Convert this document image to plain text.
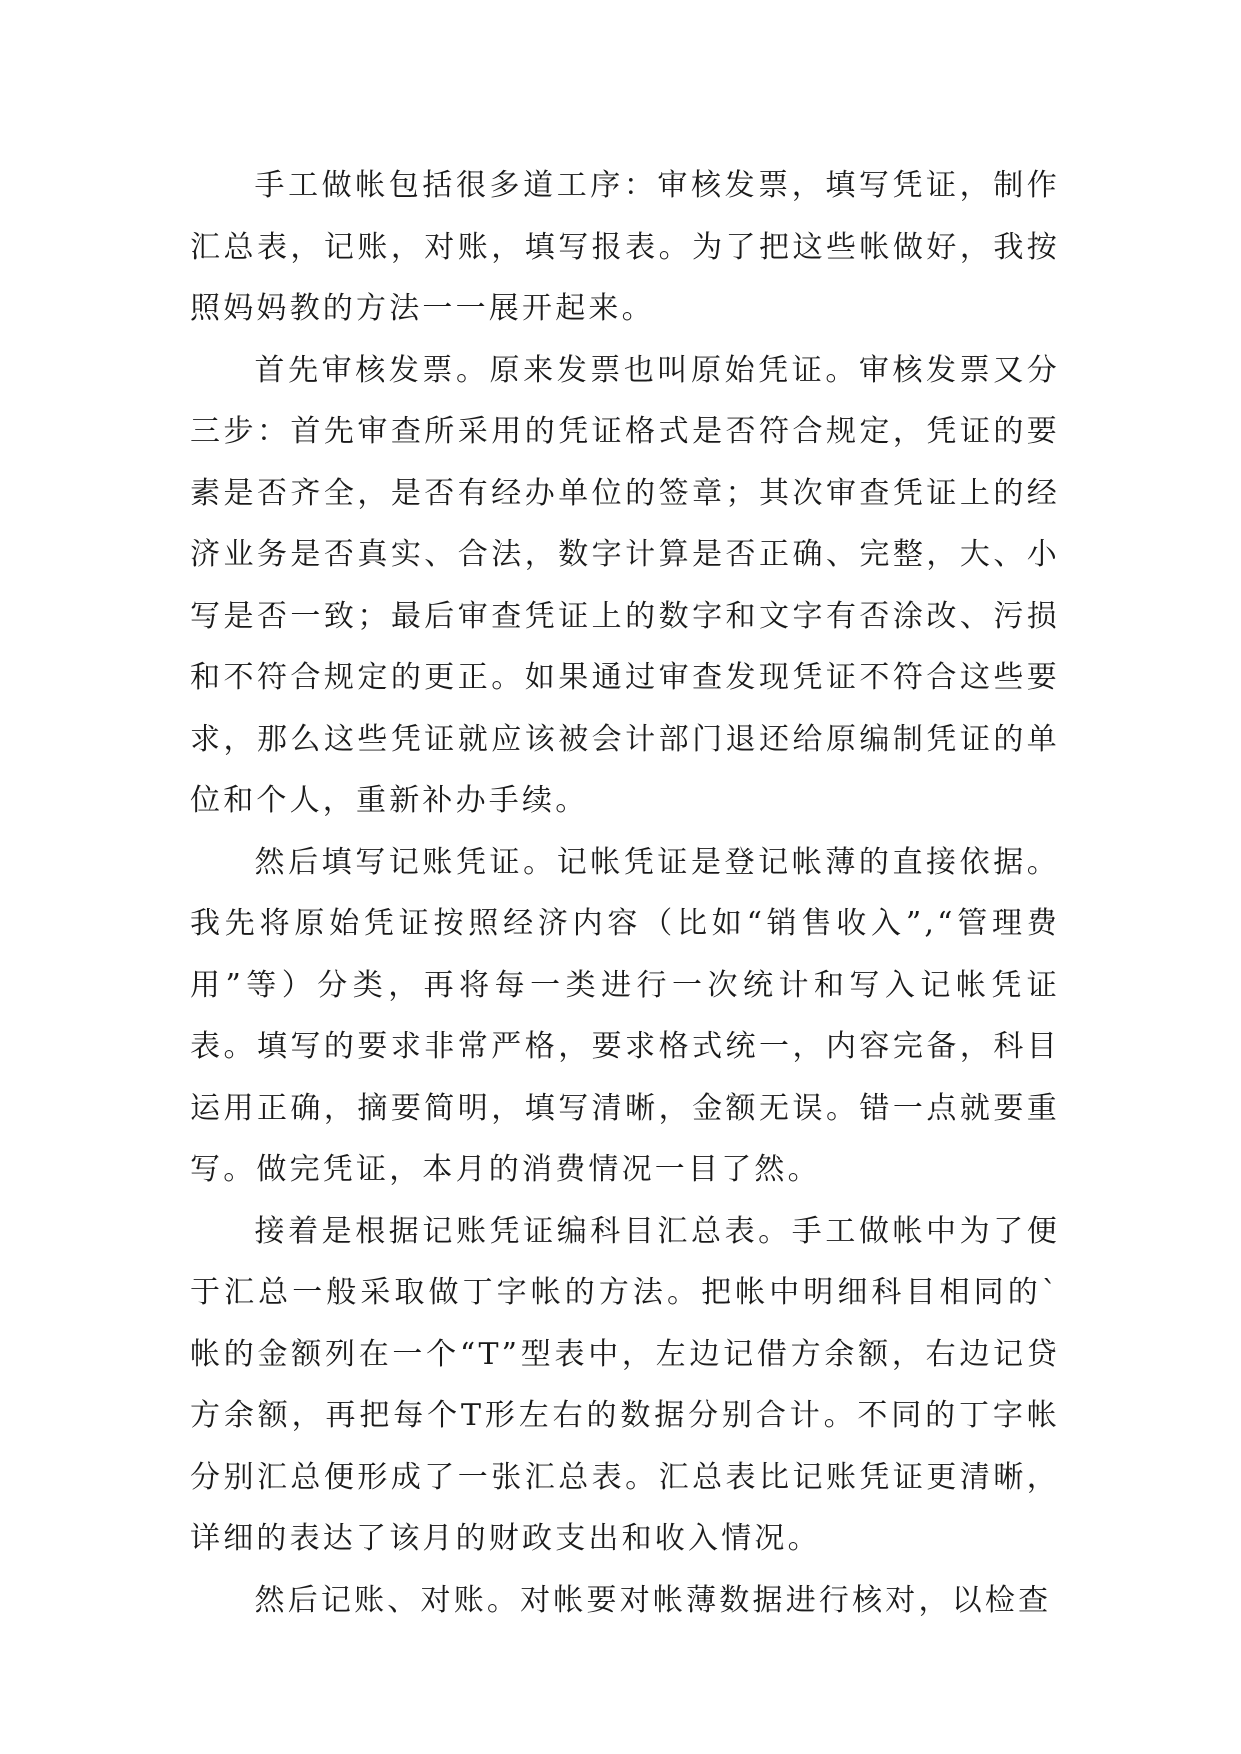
手工做帐包括很多道工序：审核发票，填写凭证，制作汇总表，记账，对账，填写报表。为了把这些帐做好，我按照妈妈教的方法一一展开起来。

首先审核发票。原来发票也叫原始凭证。审核发票又分三步：首先审查所采用的凭证格式是否符合规定，凭证的要素是否齐全，是否有经办单位的签章；其次审查凭证上的经济业务是否真实、合法，数字计算是否正确、完整，大、小写是否一致；最后审查凭证上的数字和文字有否涂改、污损和不符合规定的更正。如果通过审查发现凭证不符合这些要求，那么这些凭证就应该被会计部门退还给原编制凭证的单位和个人，重新补办手续。

然后填写记账凭证。记帐凭证是登记帐薄的直接依据。我先将原始凭证按照经济内容（比如“销售收入”,“管理费用”等）分类，再将每一类进行一次统计和写入记帐凭证表。填写的要求非常严格，要求格式统一，内容完备，科目运用正确，摘要简明，填写清晰，金额无误。错一点就要重写。做完凭证，本月的消费情况一目了然。

接着是根据记账凭证编科目汇总表。手工做帐中为了便于汇总一般采取做丁字帐的方法。把帐中明细科目相同的`帐的金额列在一个“T”型表中，左边记借方余额，右边记贷方余额，再把每个T形左右的数据分别合计。不同的丁字帐分别汇总便形成了一张汇总表。汇总表比记账凭证更清晰，详细的表达了该月的财政支出和收入情况。

然后记账、对账。对帐要对帐薄数据进行核对，以检查
